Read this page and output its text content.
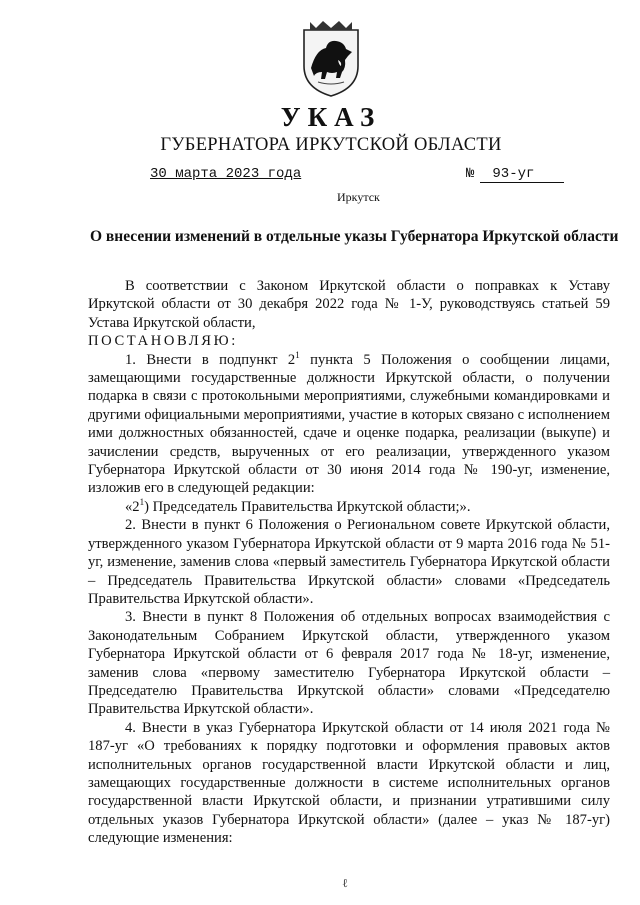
УКАЗ
ГУБЕРНАТОРА ИРКУТСКОЙ ОБЛАСТИ
30 марта 2023 года	№ 93-уг
Иркутск
О внесении изменений в отдельные указы Губернатора Иркутской области

В соответствии с Законом Иркутской области о поправках к Уставу Иркутской области от 30 декабря 2022 года № 1-У, руководствуясь статьей 59 Устава Иркутской области,

ПОСТАНОВЛЯЮ:

1. Внести в подпункт $2^1$ пункта 5 Положения о сообщении лицами, замещающими государственные должности Иркутской области, о получении подарка в связи с протокольными мероприятиями, служебными командировками и другими официальными мероприятиями, участие в которых связано с исполнением ими должностных обязанностей, сдаче и оценке подарка, реализации (выкупе) и зачислении средств, вырученных от его реализации, утвержденного указом Губернатора Иркутской области от 30 июня 2014 года № 190-уг, изменение, изложив его в следующей редакции:

«$2^1$) Председатель Правительства Иркутской области;».

2. Внести в пункт 6 Положения о Региональном совете Иркутской области, утвержденного указом Губернатора Иркутской области от 9 марта 2016 года № 51-уг, изменение, заменив слова «первый заместитель Губернатора Иркутской области – Председатель Правительства Иркутской области» словами «Председатель Правительства Иркутской области».

3. Внести в пункт 8 Положения об отдельных вопросах взаимодействия с Законодательным Собранием Иркутской области, утвержденного указом Губернатора Иркутской области от 6 февраля 2017 года № 18-уг, изменение, заменив слова «первому заместителю Губернатора Иркутской области – Председателю Правительства Иркутской области» словами «Председателю Правительства Иркутской области».

4. Внести в указ Губернатора Иркутской области от 14 июля 2021 года № 187-уг «О требованиях к порядку подготовки и оформления правовых актов исполнительных органов государственной власти Иркутской области и лиц, замещающих государственные должности в системе исполнительных органов государственной власти Иркутской области, и признании утратившими силу отдельных указов Губернатора Иркутской области» (далее – указ № 187-уг) следующие изменения:

ℓ
